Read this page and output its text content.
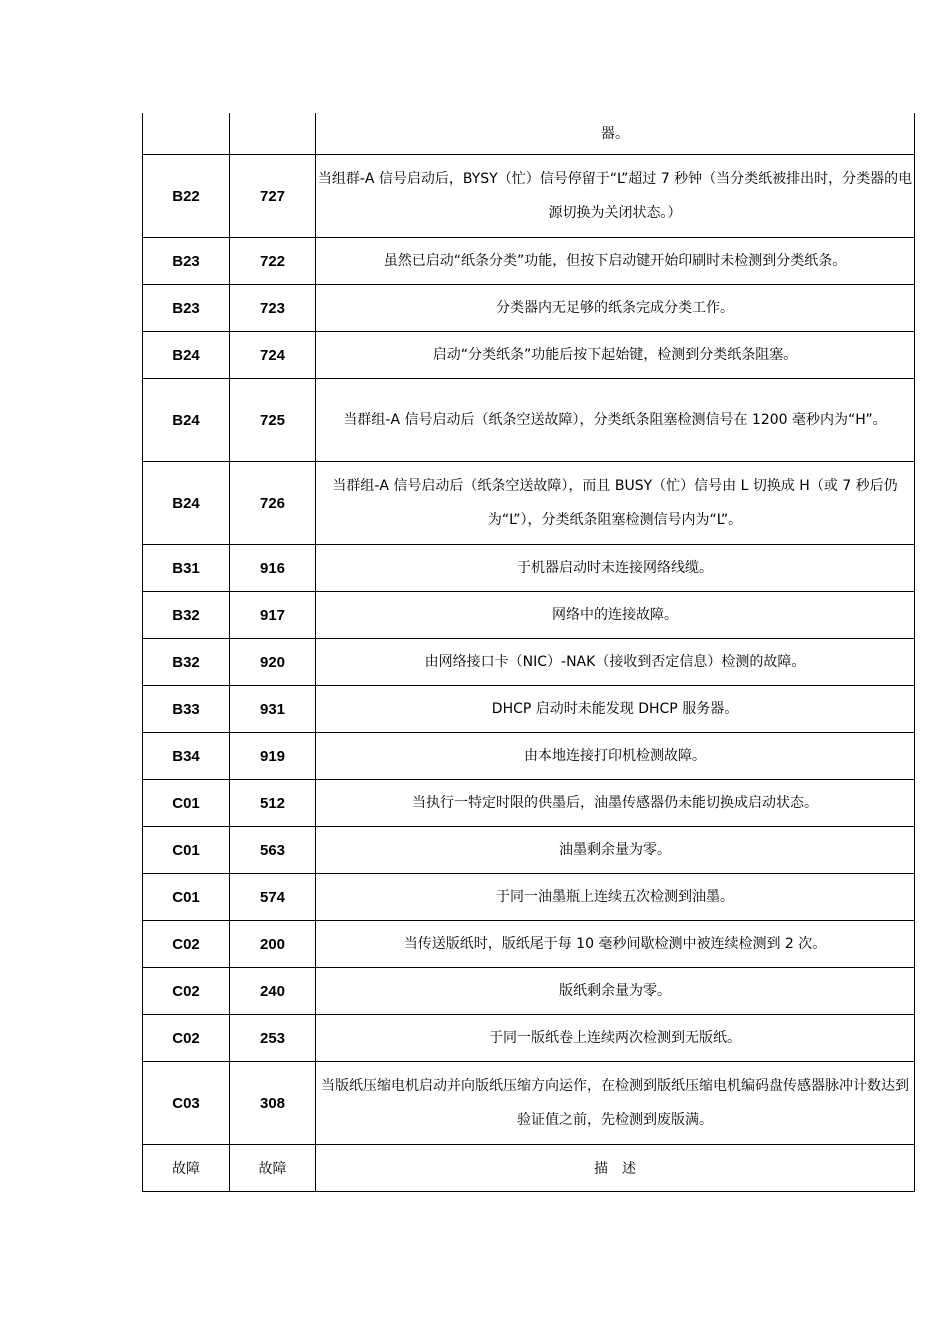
		器。
B22	727	当组群-A 信号启动后，BYSY（忙）信号停留于“L”超过 7 秒钟（当分类纸被排出时，分类器的电源切换为关闭状态。）
B23	722	虽然已启动“纸条分类”功能，但按下启动键开始印刷时未检测到分类纸条。
B23	723	分类器内无足够的纸条完成分类工作。
B24	724	启动“分类纸条”功能后按下起始键，检测到分类纸条阻塞。
B24	725	当群组-A 信号启动后（纸条空送故障），分类纸条阻塞检测信号在 1200 毫秒内为“H”。
B24	726	当群组-A 信号启动后（纸条空送故障），而且 BUSY（忙）信号由 L 切换成 H（或 7 秒后仍为“L”），分类纸条阻塞检测信号内为“L”。
B31	916	于机器启动时未连接网络线缆。
B32	917	网络中的连接故障。
B32	920	由网络接口卡（NIC）-NAK（接收到否定信息）检测的故障。
B33	931	DHCP 启动时未能发现 DHCP 服务器。
B34	919	由本地连接打印机检测故障。
C01	512	当执行一特定时限的供墨后，油墨传感器仍未能切换成启动状态。
C01	563	油墨剩余量为零。
C01	574	于同一油墨瓶上连续五次检测到油墨。
C02	200	当传送版纸时，版纸尾于每 10 毫秒间歇检测中被连续检测到 2 次。
C02	240	版纸剩余量为零。
C02	253	于同一版纸卷上连续两次检测到无版纸。
C03	308	当版纸压缩电机启动并向版纸压缩方向运作，在检测到版纸压缩电机编码盘传感器脉冲计数达到验证值之前，先检测到废版满。
故障	故障	描　述
